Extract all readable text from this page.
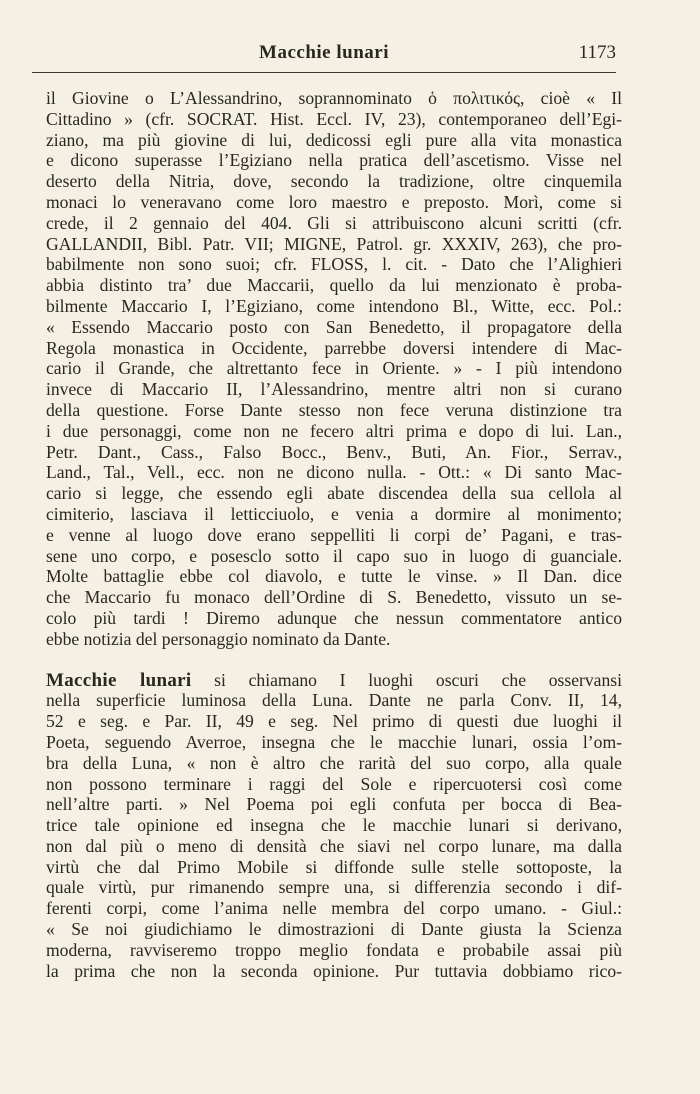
Macchie lunari	1173
il Giovine o L’Alessandrino, soprannominato ὁ πολιτικός, cioè « Il
Cittadino » (cfr. SOCRAT. Hist. Eccl. IV, 23), contemporaneo dell’Egi-
ziano, ma più giovine di lui, dedicossi egli pure alla vita monastica
e dicono superasse l’Egiziano nella pratica dell’ascetismo. Visse nel
deserto della Nitria, dove, secondo la tradizione, oltre cinquemila
monaci lo veneravano come loro maestro e preposto. Morì, come si
crede, il 2 gennaio del 404. Gli si attribuiscono alcuni scritti (cfr.
GALLANDII, Bibl. Patr. VII; MIGNE, Patrol. gr. XXXIV, 263), che pro-
babilmente non sono suoi; cfr. FLOSS, l. cit. - Dato che l’Alighieri
abbia distinto tra’ due Maccarii, quello da lui menzionato è proba-
bilmente Maccario I, l’Egiziano, come intendono Bl., Witte, ecc. Pol.:
« Essendo Maccario posto con San Benedetto, il propagatore della
Regola monastica in Occidente, parrebbe doversi intendere di Mac-
cario il Grande, che altrettanto fece in Oriente. » - I più intendono
invece di Maccario II, l’Alessandrino, mentre altri non si curano
della questione. Forse Dante stesso non fece veruna distinzione tra
i due personaggi, come non ne fecero altri prima e dopo di lui. Lan.,
Petr. Dant., Cass., Falso Bocc., Benv., Buti, An. Fior., Serrav.,
Land., Tal., Vell., ecc. non ne dicono nulla. - Ott.: « Di santo Mac-
cario si legge, che essendo egli abate discendea della sua cellola al
cimiterio, lasciava il letticciuolo, e venia a dormire al monimento;
e venne al luogo dove erano seppelliti li corpi de’ Pagani, e tras-
sene uno corpo, e posesclo sotto il capo suo in luogo di guanciale.
Molte battaglie ebbe col diavolo, e tutte le vinse. » Il Dan. dice
che Maccario fu monaco dell’Ordine di S. Benedetto, vissuto un se-
colo più tardi ! Diremo adunque che nessun commentatore antico
ebbe notizia del personaggio nominato da Dante.
Macchie lunari si chiamano I luoghi oscuri che osservansi
nella superficie luminosa della Luna. Dante ne parla Conv. II, 14,
52 e seg. e Par. II, 49 e seg. Nel primo di questi due luoghi il
Poeta, seguendo Averroe, insegna che le macchie lunari, ossia l’om-
bra della Luna, « non è altro che rarità del suo corpo, alla quale
non possono terminare i raggi del Sole e ripercuotersi così come
nell’altre parti. » Nel Poema poi egli confuta per bocca di Bea-
trice tale opinione ed insegna che le macchie lunari si derivano,
non dal più o meno di densità che siavi nel corpo lunare, ma dalla
virtù che dal Primo Mobile si diffonde sulle stelle sottoposte, la
quale virtù, pur rimanendo sempre una, si differenzia secondo i dif-
ferenti corpi, come l’anima nelle membra del corpo umano. - Giul.:
« Se noi giudichiamo le dimostrazioni di Dante giusta la Scienza
moderna, ravviseremo troppo meglio fondata e probabile assai più
la prima che non la seconda opinione. Pur tuttavia dobbiamo rico-
